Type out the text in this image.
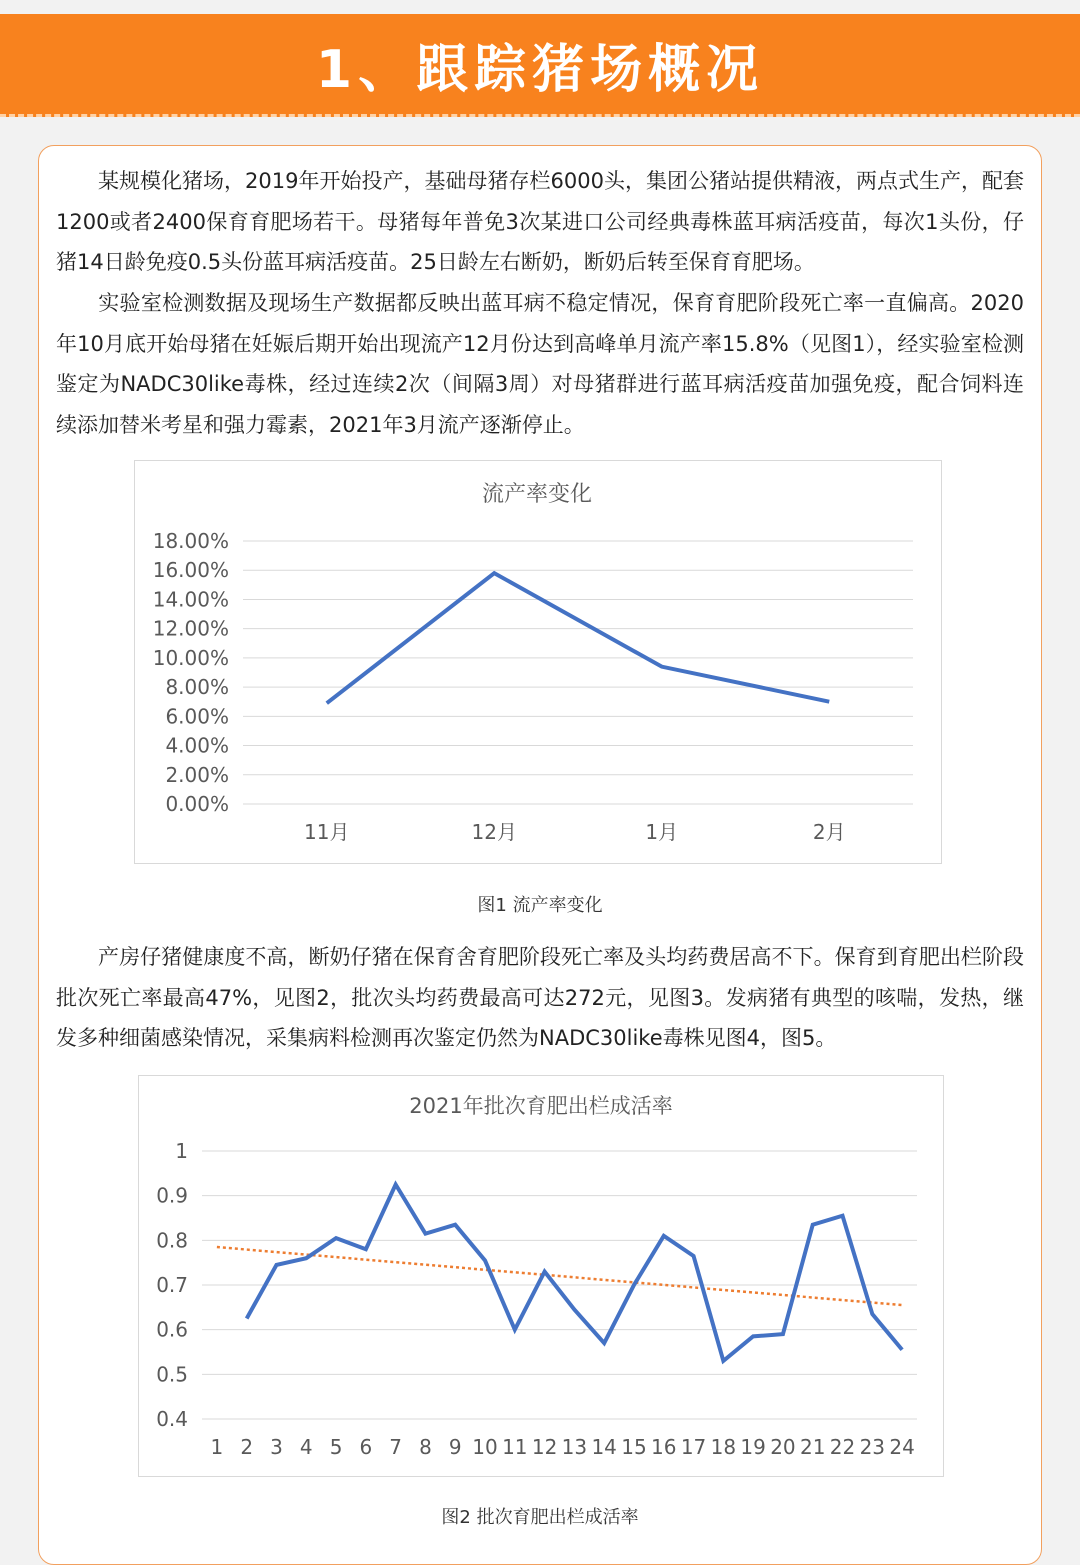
1、跟踪猪场概况
某规模化猪场，2019年开始投产，基础母猪存栏6000头，集团公猪站提供精液，两点式生产，配套1200或者2400保育育肥场若干。母猪每年普免3次某进口公司经典毒株蓝耳病活疫苗，每次1头份，仔猪14日龄免疫0.5头份蓝耳病活疫苗。25日龄左右断奶，断奶后转至保育育肥场。
实验室检测数据及现场生产数据都反映出蓝耳病不稳定情况，保育育肥阶段死亡率一直偏高。2020年10月底开始母猪在妊娠后期开始出现流产12月份达到高峰单月流产率15.8%（见图1），经实验室检测鉴定为NADC30like毒株，经过连续2次（间隔3周）对母猪群进行蓝耳病活疫苗加强免疫，配合饲料连续添加替米考星和强力霉素，2021年3月流产逐渐停止。
流产率变化
0.00%
2.00%
4.00%
6.00%
8.00%
10.00%
12.00%
14.00%
16.00%
18.00%
11月	12月	1月	2月
图1 流产率变化
产房仔猪健康度不高，断奶仔猪在保育舍育肥阶段死亡率及头均药费居高不下。保育到育肥出栏阶段批次死亡率最高47%，见图2，批次头均药费最高可达272元，见图3。发病猪有典型的咳喘，发热，继发多种细菌感染情况，采集病料检测再次鉴定仍然为NADC30like毒株见图4，图5。
2021年批次育肥出栏成活率
0.4
0.5
0.6
0.7
0.8
0.9
1
1 2 3 4 5 6 7 8 9 10 11 12 13 14 15 16 17 18 19 20 21 22 23 24
图2 批次育肥出栏成活率
